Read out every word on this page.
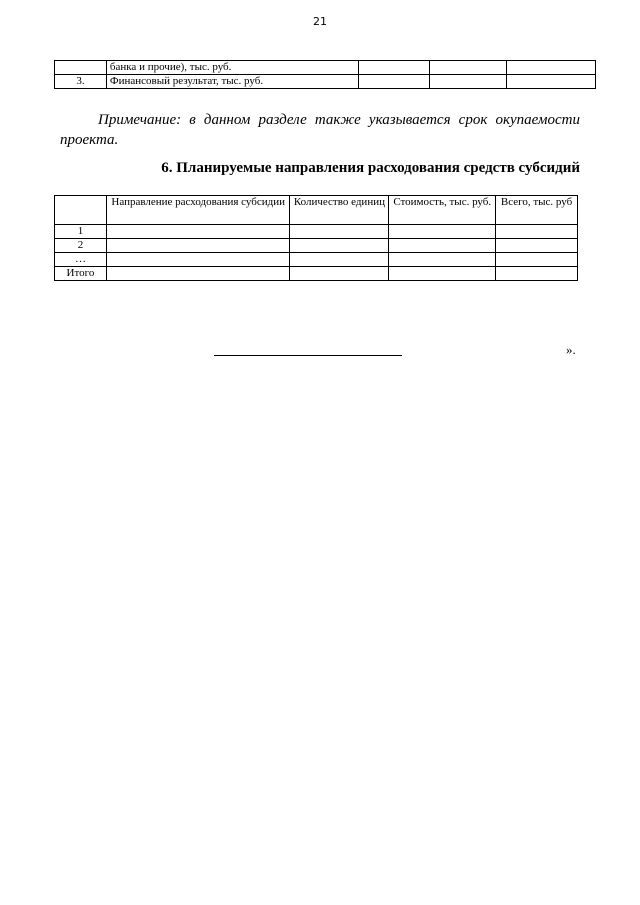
21
	банка и прочие), тыс. руб.			
3.	Финансовый результат, тыс. руб.			
Примечание: в данном разделе также указывается срок окупаемости
проекта.
6. Планируемые направления расходования средств субсидий
	Направление расходования субсидии	Количество единиц	Стоимость, тыс. руб.	Всего, тыс. руб
1				
2				
…				
Итого				
».
